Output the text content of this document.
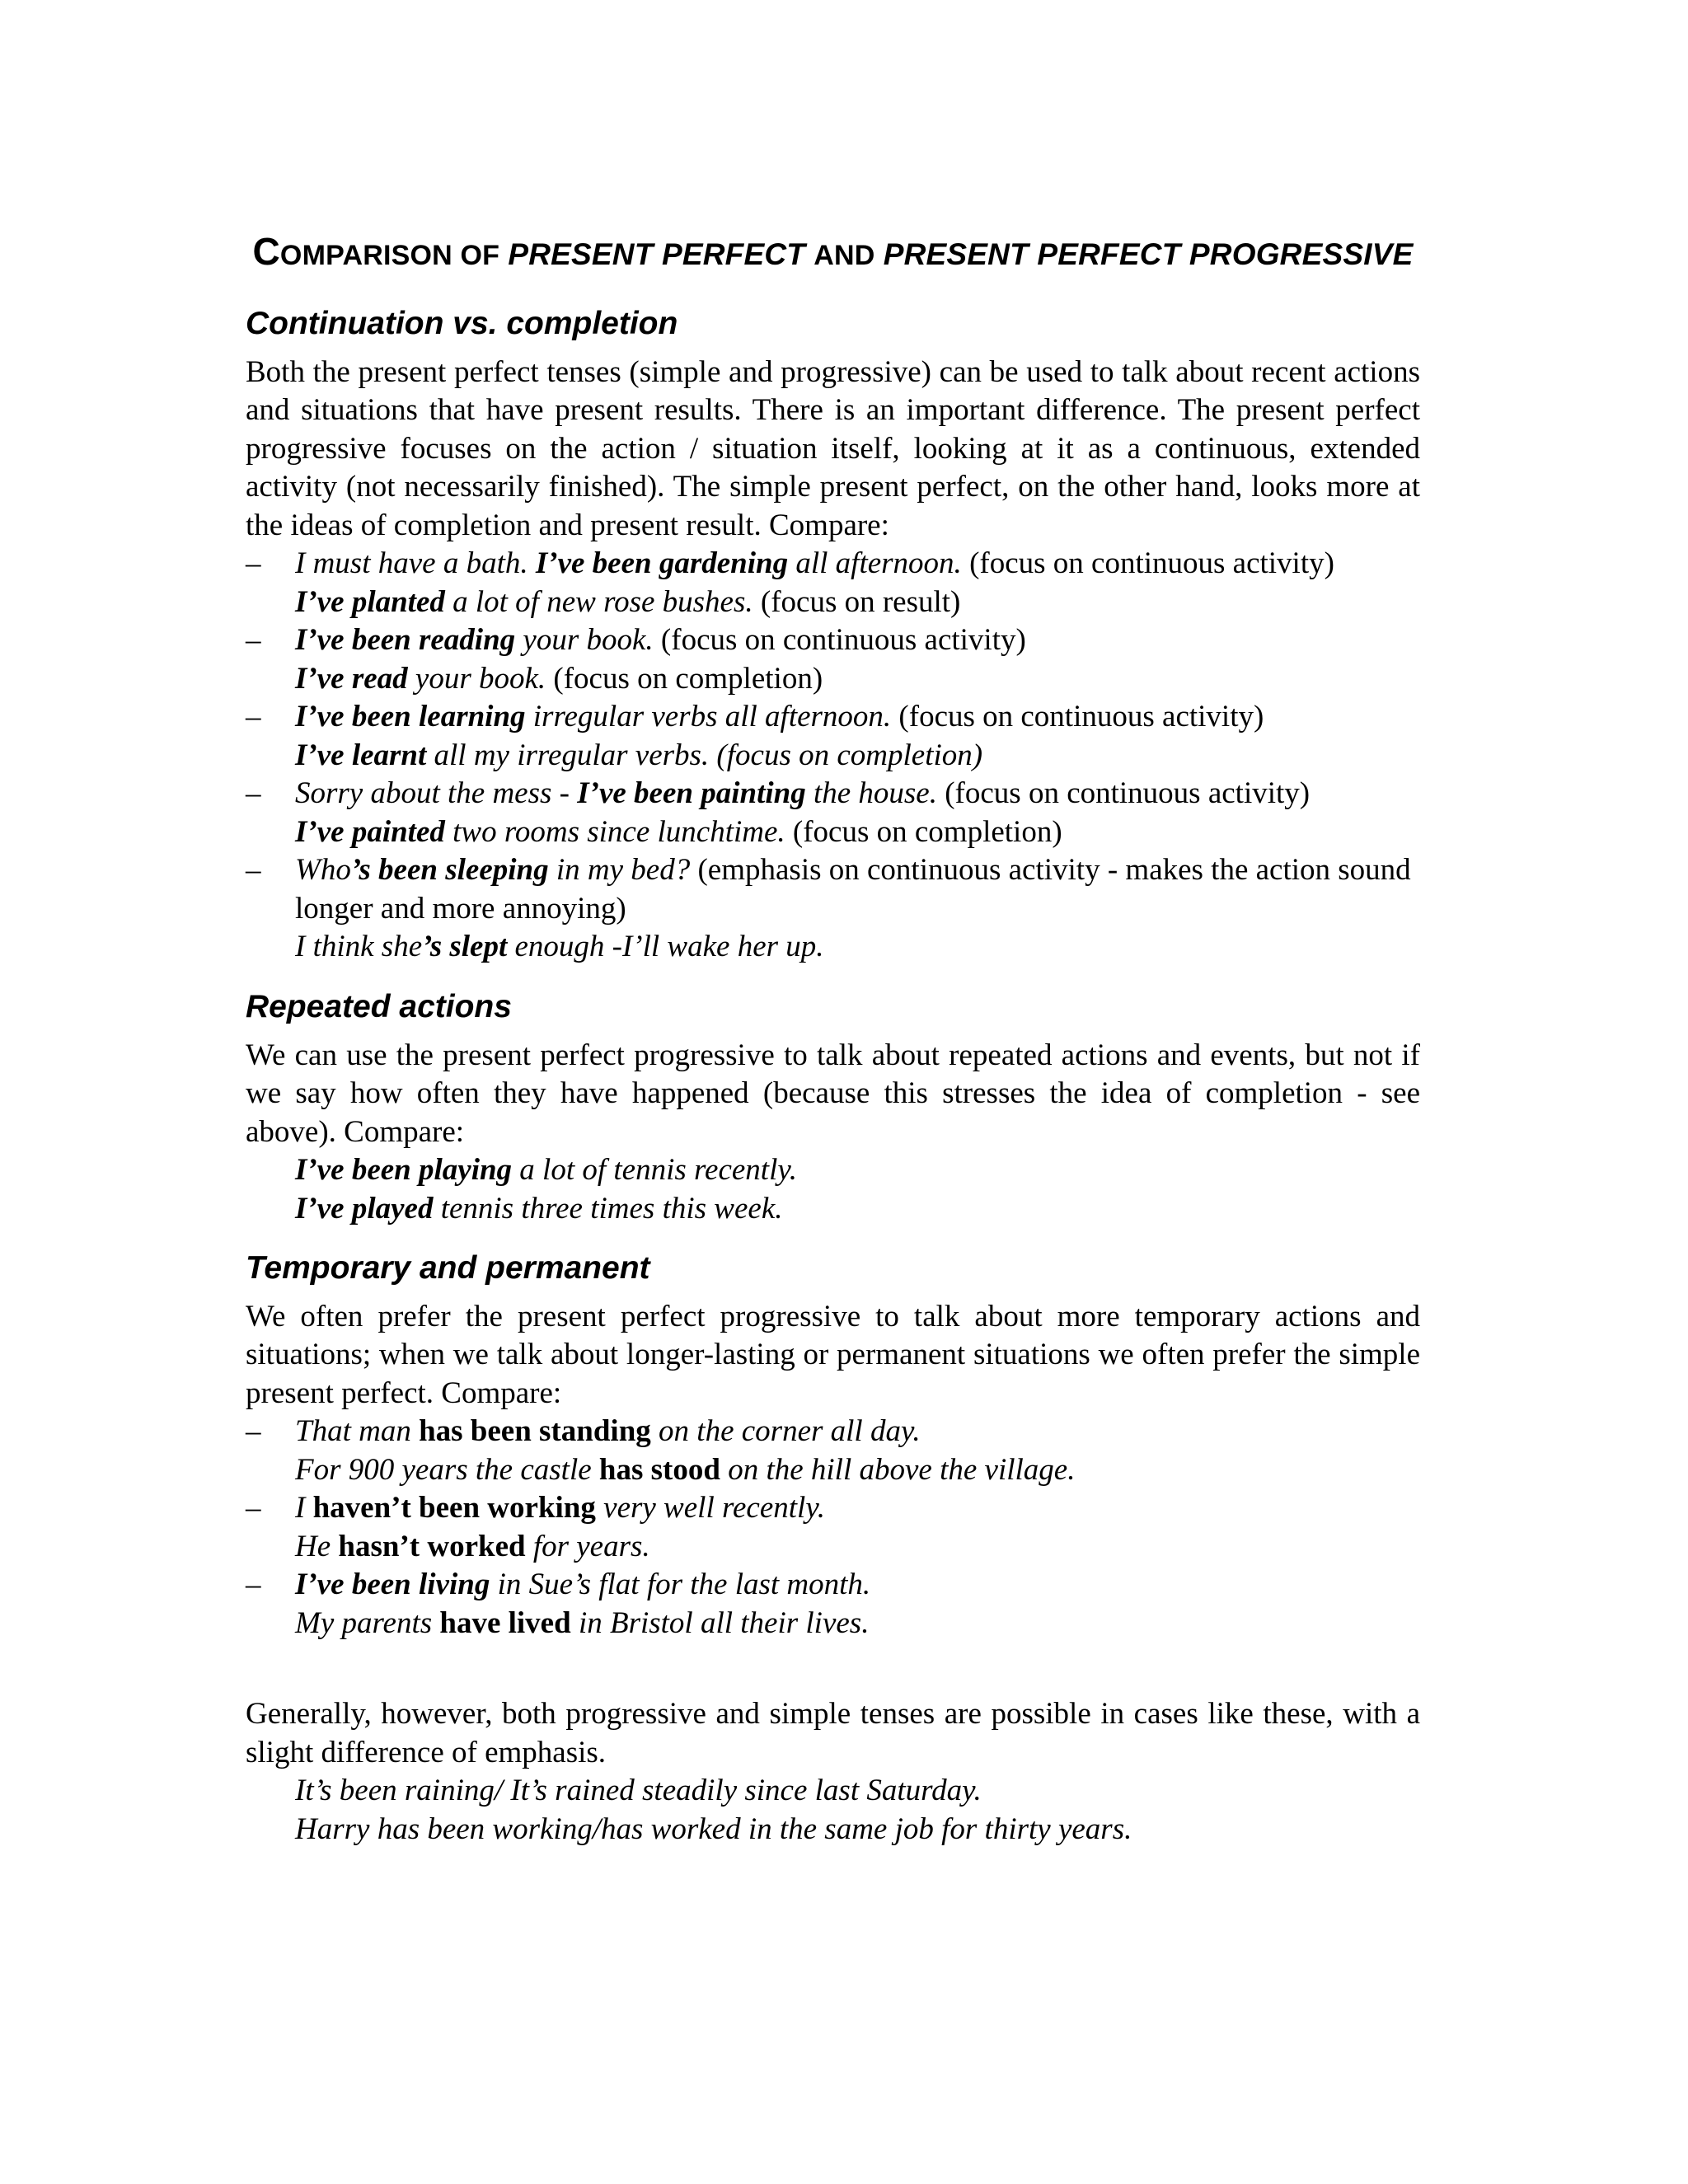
COMPARISON OF PRESENT PERFECT AND PRESENT PERFECT PROGRESSIVE
Continuation vs. completion

Both the present perfect tenses (simple and progressive) can be used to talk about recent actions and situations that have present results. There is an important difference. The present perfect progressive focuses on the action / situation itself, looking at it as a continuous, extended activity (not necessarily finished). The simple present perfect, on the other hand, looks more at the ideas of completion and present result. Compare:

– I must have a bath. I’ve been gardening all afternoon. (focus on continuous activity)
I’ve planted a lot of new rose bushes. (focus on result)
– I’ve been reading your book. (focus on continuous activity)
I’ve read your book. (focus on completion)
– I’ve been learning irregular verbs all afternoon. (focus on continuous activity)
I’ve learnt all my irregular verbs. (focus on completion)
– Sorry about the mess - I’ve been painting the house. (focus on continuous activity)
I’ve painted two rooms since lunchtime. (focus on completion)
– Who’s been sleeping in my bed? (emphasis on continuous activity - makes the action sound longer and more annoying)
I think she’s slept enough -I’ll wake her up.
Repeated actions

We can use the present perfect progressive to talk about repeated actions and events, but not if we say how often they have happened (because this stresses the idea of completion - see above). Compare:

I’ve been playing a lot of tennis recently.
I’ve played tennis three times this week.
Temporary and permanent

We often prefer the present perfect progressive to talk about more temporary actions and situations; when we talk about longer-lasting or permanent situations we often prefer the simple present perfect. Compare:

– That man has been standing on the corner all day.
For 900 years the castle has stood on the hill above the village.
– I haven’t been working very well recently.
He hasn’t worked for years.
– I’ve been living in Sue’s flat for the last month.
My parents have lived in Bristol all their lives.

Generally, however, both progressive and simple tenses are possible in cases like these, with a slight difference of emphasis.

It’s been raining/ It’s rained steadily since last Saturday.
Harry has been working/has worked in the same job for thirty years.
